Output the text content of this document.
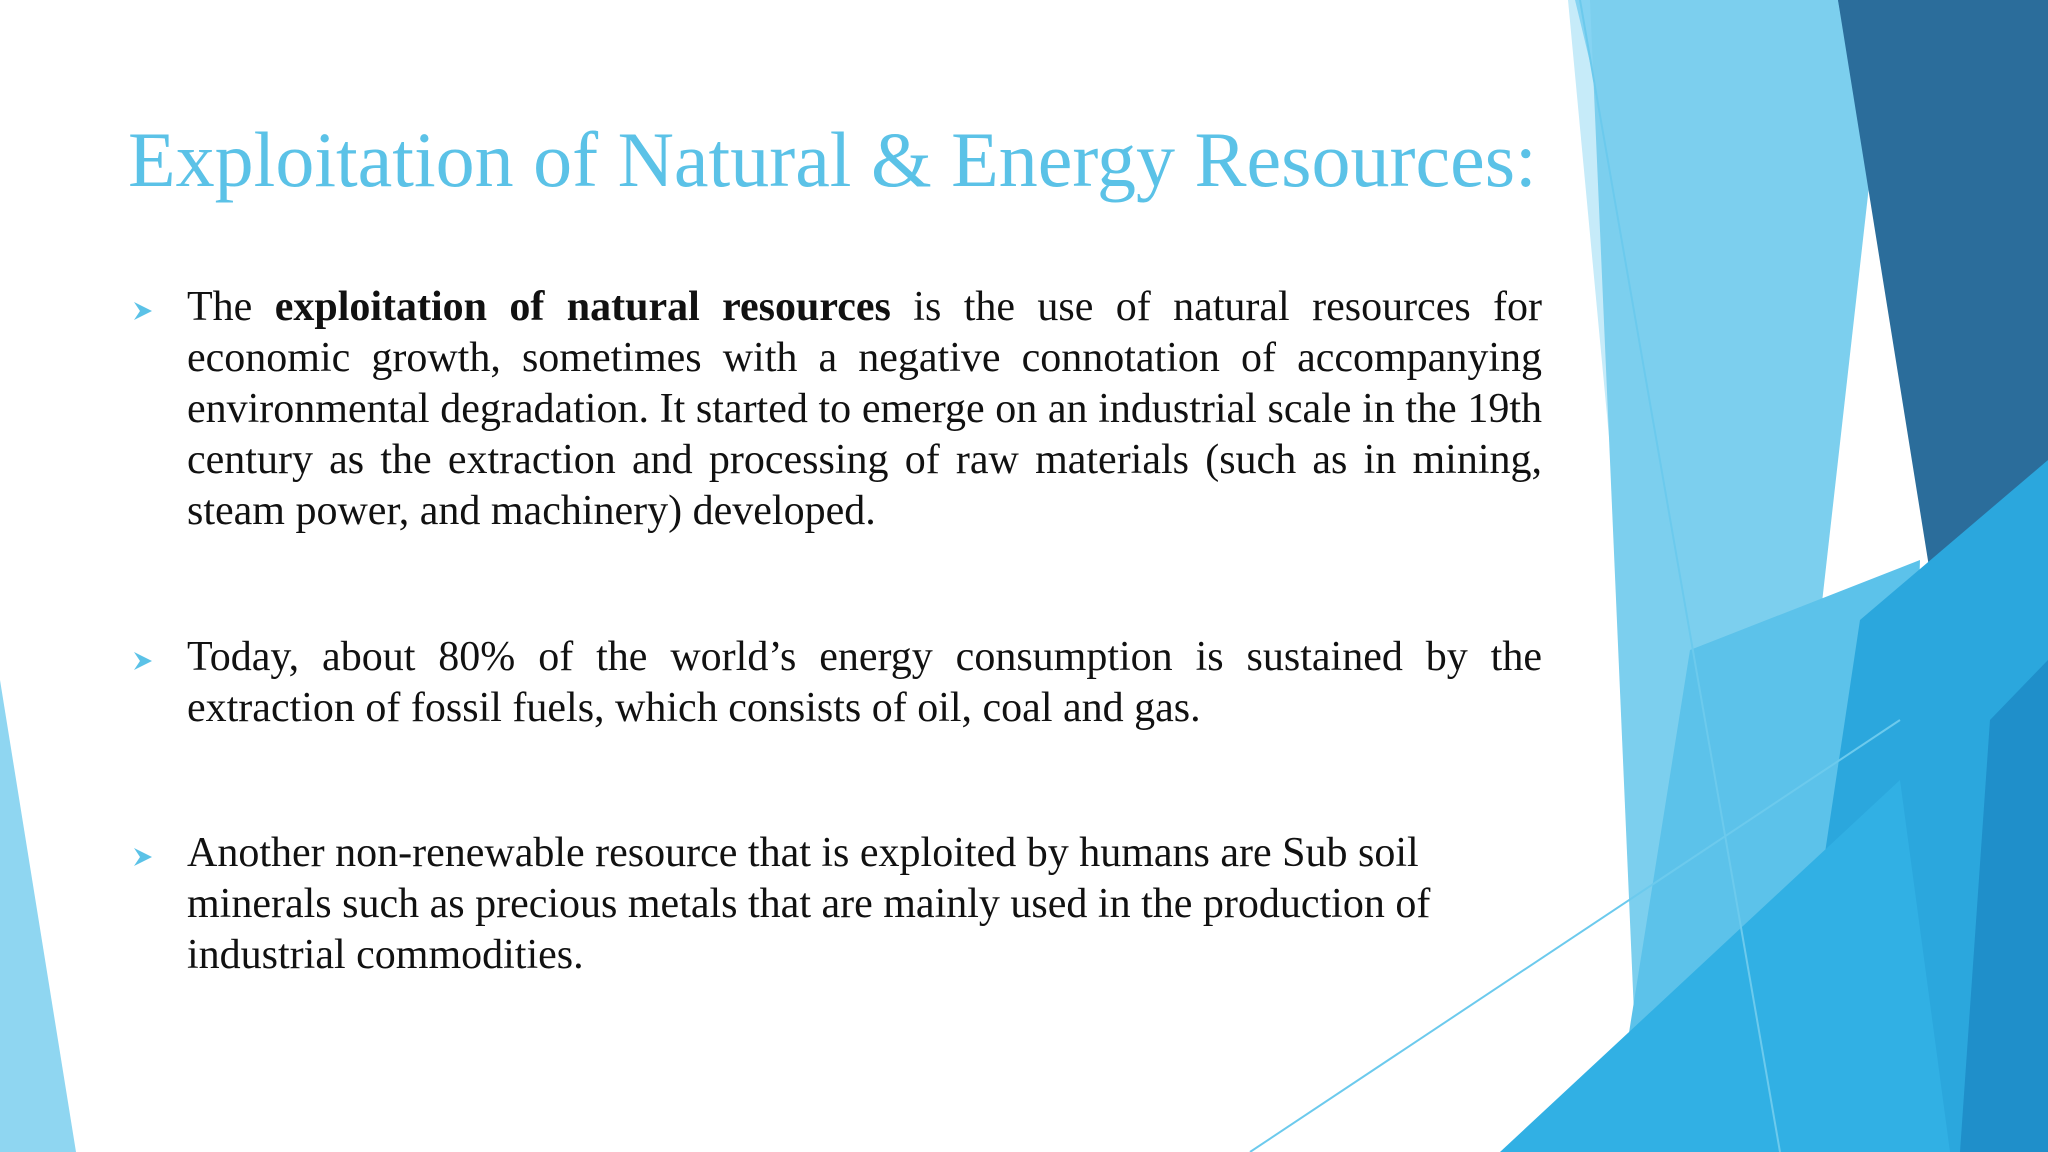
Exploitation of Natural & Energy Resources:
The exploitation of natural resources is the use of natural resources for economic growth, sometimes with a negative connotation of accompanying environmental degradation. It started to emerge on an industrial scale in the 19th century as the extraction and processing of raw materials (such as in mining, steam power, and machinery) developed.
Today, about 80% of the world’s energy consumption is sustained by the extraction of fossil fuels, which consists of oil, coal and gas.
Another non-renewable resource that is exploited by humans are Sub soil minerals such as precious metals that are mainly used in the production of industrial commodities.
